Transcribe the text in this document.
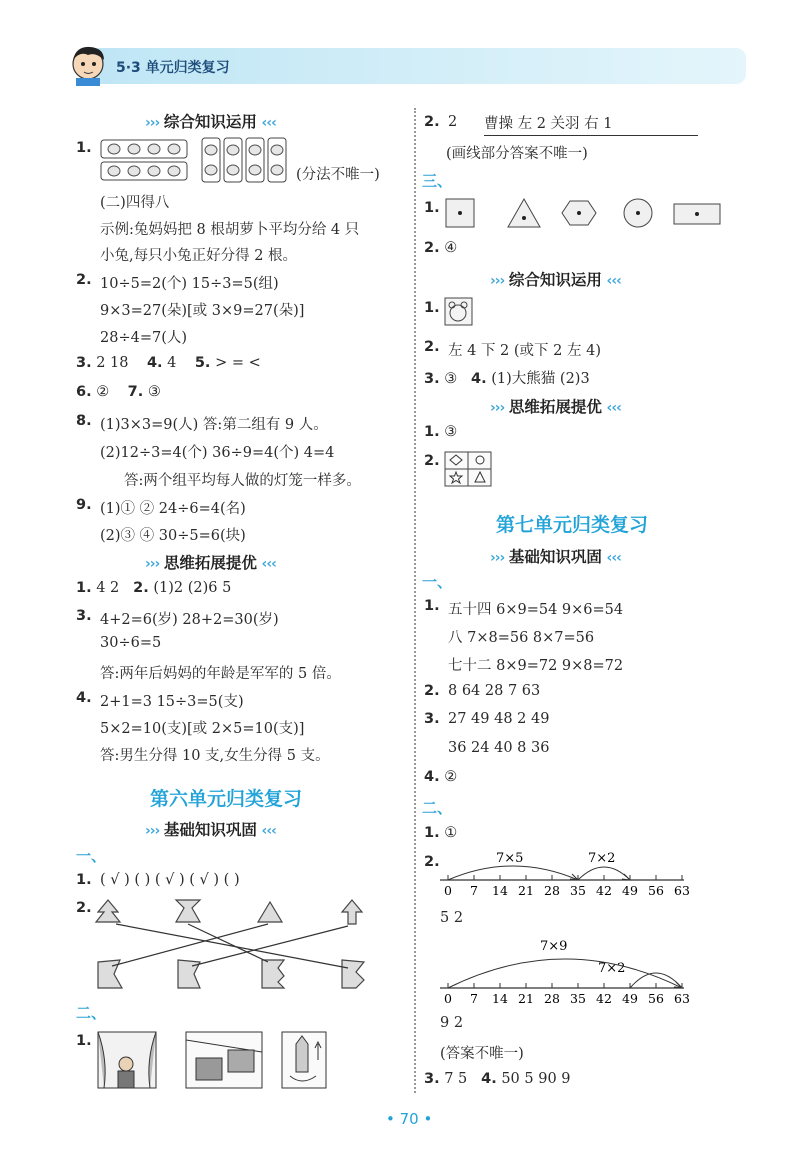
5·3 单元归类复习
››› 综合知识运用 ‹‹‹
1.
(分法不唯一)
(二)四得八
示例:兔妈妈把 8 根胡萝卜平均分给 4 只
小兔,每只小兔正好分得 2 根。
2. 10÷5=2(个) 15÷3=5(组)
9×3=27(朵)[或 3×9=27(朵)]
28÷4=7(人)
3. 2 18 4. 4 5. > = <
6. ② 7. ③
8. (1)3×3=9(人) 答:第二组有 9 人。
(2)12÷3=4(个) 36÷9=4(个) 4=4
答:两个组平均每人做的灯笼一样多。
9. (1)① ② 24÷6=4(名)
(2)③ ④ 30÷5=6(块)
››› 思维拓展提优 ‹‹‹
1. 4 2 2. (1)2 (2)6 5
3. 4+2=6(岁) 28+2=30(岁)
30÷6=5
答:两年后妈妈的年龄是军军的 5 倍。
4. 2+1=3 15÷3=5(支)
5×2=10(支)[或 2×5=10(支)]
答:男生分得 10 支,女生分得 5 支。
第六单元归类复习
››› 基础知识巩固 ‹‹‹
一、
1. ( √ ) ( ) ( √ ) ( √ ) ( )
2.
二、
1.
2. 2 曹操 左 2 关羽 右 1
(画线部分答案不唯一)
三、
1.
2. ④
››› 综合知识运用 ‹‹‹
1.
2. 左 4 下 2 (或下 2 左 4)
3. ③ 4. (1)大熊猫 (2)3
››› 思维拓展提优 ‹‹‹
1. ③
2.
第七单元归类复习
››› 基础知识巩固 ‹‹‹
一、
1. 五十四 6×9=54 9×6=54
八 7×8=56 8×7=56
七十二 8×9=72 9×8=72
2. 8 64 28 7 63
3. 27 49 48 2 49
36 24 40 8 36
4. ②
二、
1. ①
2.	7×5	7×2
0 7 14 21 28 35 42 49 56 63
5 2
7×9
7×2
0 7 14 21 28 35 42 49 56 63
9 2
(答案不唯一)
3. 7 5 4. 50 5 90 9
• 70 •
